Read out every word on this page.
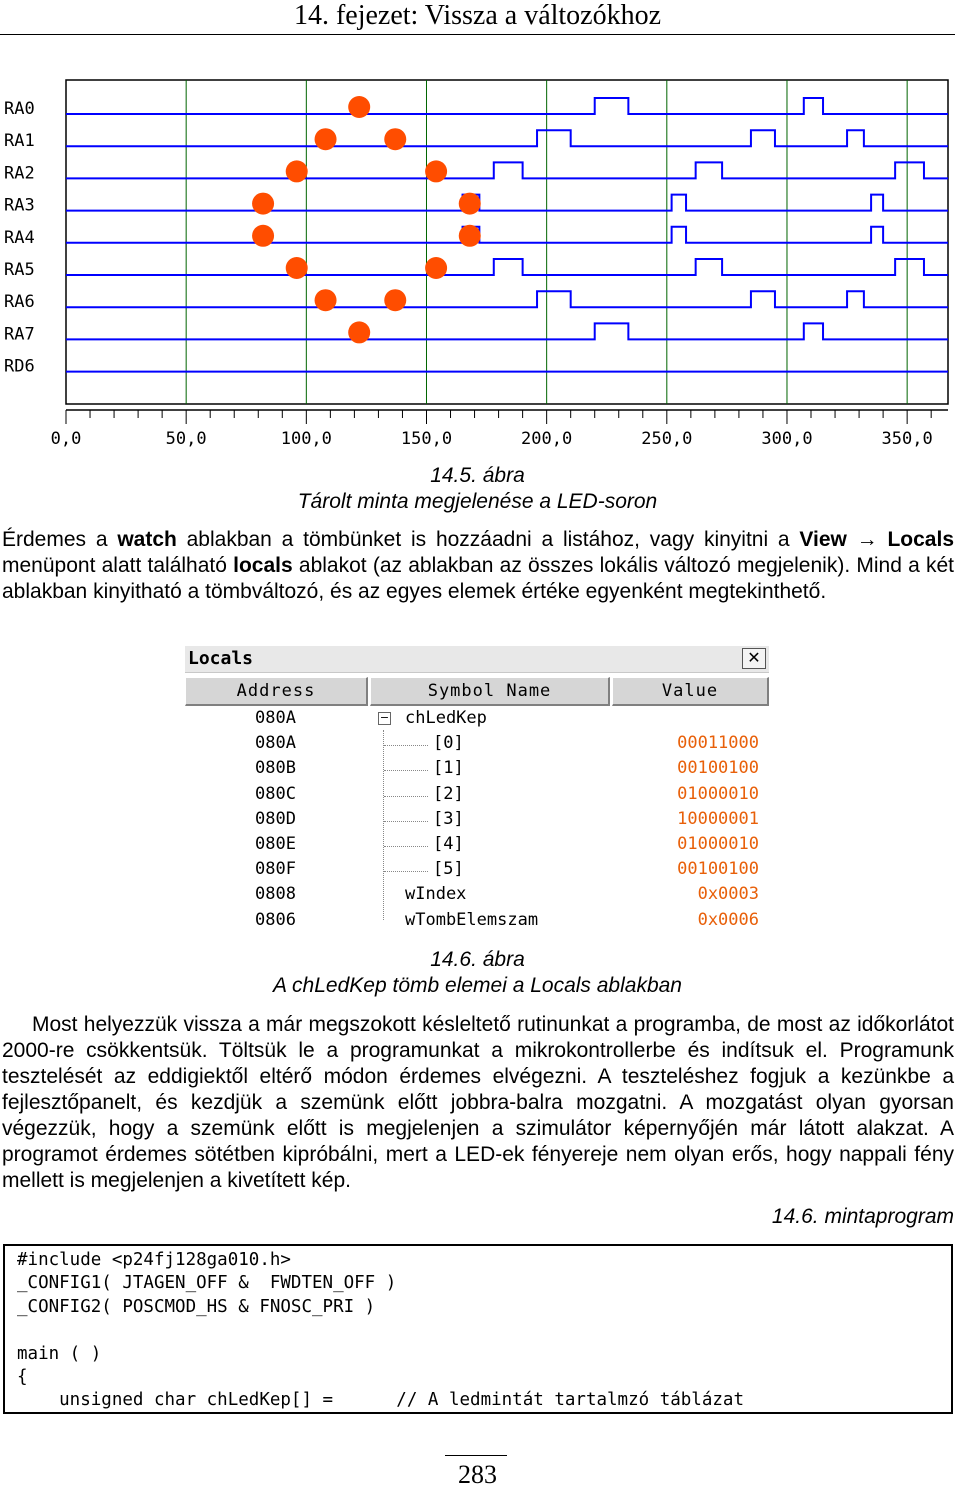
14. fejezet: Vissza a változókhoz
RA0
RA1
RA2
RA3
RA4
RA5
RA6
RA7
RD6
0,0	50,0	100,0	150,0	200,0	250,0	300,0	350,0
14.5. ábra
Tárolt minta megjelenése a LED-soron
Érdemes a watch ablakban a tömbünket is hozzáadni a listához, vagy kinyitni a View → Locals menüpont alatt található locals ablakot (az ablakban az összes lokális változó megjelenik). Mind a két ablakban kinyitható a tömbváltozó, és az egyes elemek értéke egyenként megtekinthető.
Locals	✕
Address	Symbol Name	Value
−
080A	chLedKep
080A	[0]	00011000
080B	[1]	00100100
080C	[2]	01000010
080D	[3]	10000001
080E	[4]	01000010
080F	[5]	00100100
0808	wIndex	0x0003
0806	wTombElemszam	0x0006
14.6. ábra
A chLedKep tömb elemei a Locals ablakban
Most helyezzük vissza a már megszokott késleltető rutinunkat a programba, de most az időkorlátot 2000-re csökkentsük. Töltsük le a programunkat a mikrokontrollerbe és indítsuk el. Programunk tesztelését az eddigiektől eltérő módon érdemes elvégezni. A teszteléshez fogjuk a kezünkbe a fejlesztőpanelt, és kezdjük a szemünk előtt jobbra-balra mozgatni. A mozgatást olyan gyorsan végezzük, hogy a szemünk előtt is megjelenjen a szimulátor képernyőjén már látott alakzat. A programot érdemes sötétben kipróbálni, mert a LED-ek fényereje nem olyan erős, hogy nappali fény mellett is megjelenjen a kivetített kép.
14.6. mintaprogram
#include <p24fj128ga010.h>
_CONFIG1( JTAGEN_OFF &  FWDTEN_OFF )
_CONFIG2( POSCMOD_HS & FNOSC_PRI )
main ( )
{
unsigned char chLedKep[] =      // A ledmintát tartalmzó táblázat
283
